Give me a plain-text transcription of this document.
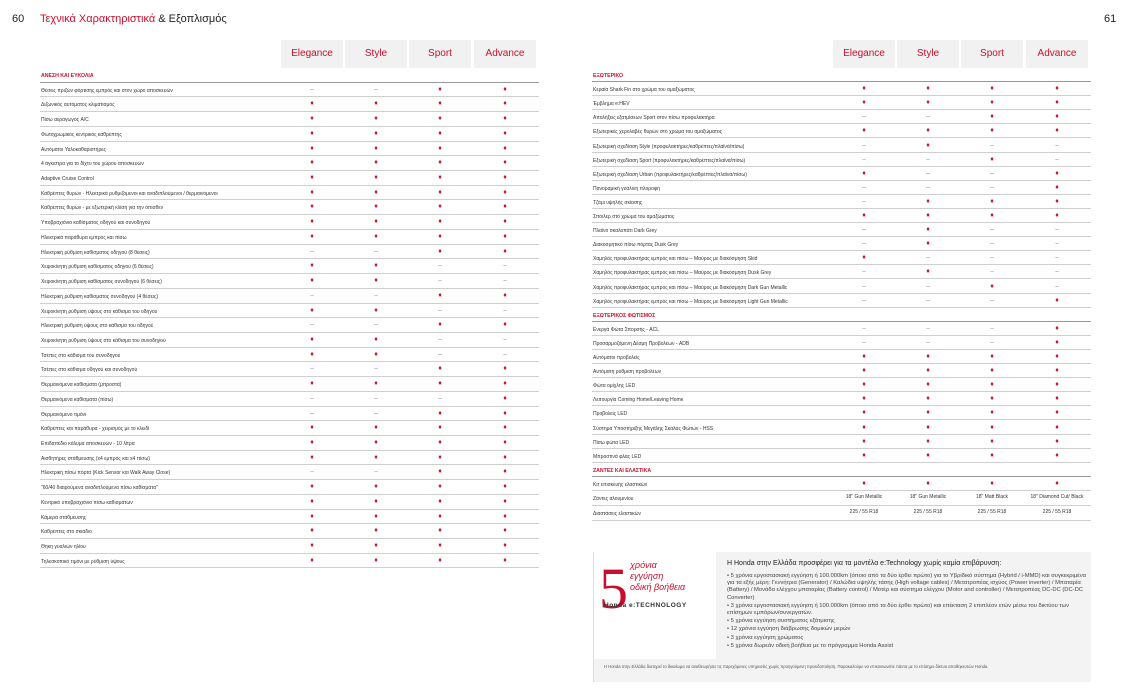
60	61
Τεχνικά Χαρακτηριστικά & Εξοπλισμός
Elegance	Style	Sport	Advance	Elegance	Style	Sport	Advance
ΑΝΕΣΗ ΚΑΙ ΕΥΚΟΛΙΑ
Θέσεις πριζών φόρτισης εμπρός και στον χώρο αποσκευών	–	–	♦	♦
Διζωνικός αυτόματος κλιματισμός	♦	♦	♦	♦
Πίσω αεραγωγός A/C	♦	♦	♦	♦
Φωτοχρωμικός κεντρικός καθρέπτης	♦	♦	♦	♦
Αυτόματοι Υαλοκαθαριστήρες	♦	♦	♦	♦
4 άγκιστρα για το δίχτυ του χώρου αποσκευών	♦	♦	♦	♦
Adaptive Cruise Control	♦	♦	♦	♦
Καθρέπτες θυρών - Ηλεκτρικά ρυθμιζόμενοι και αναδιπλούμενοι / θερμαινόμενοι	♦	♦	♦	♦
Καθρέπτες θυρών - με εξωτερική κλίση για την όπισθεν	♦	♦	♦	♦
Υποβραχιόνιο καθίσματος οδηγού και συνοδηγού	♦	♦	♦	♦
Ηλεκτρικά παράθυρα εμπρός και πίσω	♦	♦	♦	♦
Ηλεκτρική ρύθμιση καθίσματος οδηγού (8 θέσεις)	–	–	♦	♦
Χειροκίνητη ρύθμιση καθίσματος οδηγού (6 θέσεις)	♦	♦	–	–
Χειροκίνητη ρύθμιση καθίσματος συνοδηγού (6 θέσεις)	♦	♦	–	–
Ηλεκτρική ρύθμιση καθίσματος συνοδηγού (4 θέσεις)	–	–	♦	♦
Χειροκίνητη ρύθμιση ύψους στο κάθισμα του οδηγού	♦	♦	–	–
Ηλεκτρική ρύθμιση ύψους στο κάθισμα του οδηγού	–	–	♦	♦
Χειροκίνητη ρύθμιση ύψους στο κάθισμα του συνοδηγού	♦	♦	–	–
Τσέπες στο κάθισμα του συνοδηγού	♦	♦	–	–
Τσέπες στο κάθισμα οδηγού και συνοδηγού	–	–	♦	♦
Θερμαινόμενα καθίσματα (μπροστά)	♦	♦	♦	♦
Θερμαινόμενα καθίσματα (πίσω)	–	–	–	♦
Θερμαινόμενο τιμόνι	–	–	♦	♦
Καθρέπτες και παράθυρα - χειρισμός με το κλειδί	♦	♦	♦	♦
Επιδαπέδιο κάλυμα αποσκευών - 10 λίτρα	♦	♦	♦	♦
Αισθητήρες στάθμευσης (x4 εμπρός και x4 πίσω)	♦	♦	♦	♦
Ηλεκτρική πίσω πόρτα (Kick Sensor και Walk Away Close)	–	–	♦	♦
"60/40 διαιρούμενα αναδιπλούμενα πίσω καθίσματα"	♦	♦	♦	♦
Κεντρικό υποβραχιόνιο πίσω καθισμάτων	♦	♦	♦	♦
Κάμερα στάθμευσης	♦	♦	♦	♦
Καθρέπτες στο σκιάδιο	♦	♦	♦	♦
Θήκη γυαλιών ηλίου	♦	♦	♦	♦
Τηλεσκοπικό τιμόνι με ρύθμιση ύψους	♦	♦	♦	♦
ΕΞΩΤΕΡΙΚΟ
Κεραία Shark Fin στο χρώμα του αμαξώματος	♦	♦	♦	♦
Έμβλημα e:HEV	♦	♦	♦	♦
Απολήξεις εξατμίσεων Sport στον πίσω προφυλακτήρα	–	–	♦	♦
Εξωτερικές χερολαβές θυρών στο χρώμα του αμαξώματος	♦	♦	♦	♦
Εξωτερική σχεδίαση Style (προφυλακτήρες/καθρέπτες/πλαϊνά/πίσω)	–	♦	–	–
Εξωτερική σχεδίαση Sport (προφυλακτήρες/καθρέπτες/πλαϊνά/πίσω)	–	–	♦	–
Εξωτερική σχεδίαση Urban (προφυλακτήρες/καθρέπτες/πλαϊνά/πίσω)	♦	–	–	♦
Πανοραμική γυάλινη πλοροφή	–	–	–	♦
Τζάμι υψηλής σκίασης	–	♦	♦	♦
Σπόιλερ στο χρώμα του αμαξώματος	♦	♦	♦	♦
Πλαϊνό σκαλοπάτι Dark Grey	–	♦	–	–
Διακοσμητικό πίσω πόρτας Dusk Grey	–	♦	–	–
Χαμηλός προφυλακτήρας εμπρός και πίσω – Μαύρος με διακόσμηση Skid	♦	–	–	–
Χαμηλός προφυλακτήρας εμπρός και πίσω – Μαύρος με διακόσμηση Dusk Grey	–	♦	–	–
Χαμηλός προφυλακτήρας εμπρός και πίσω – Μαύρος με διακόσμηση Dark Gun Metallic	–	–	♦	–
Χαμηλός προφυλακτήρας εμπρός και πίσω – Μαύρος με διακόσμηση Light Gun Metallic	–	–	–	♦
ΕΞΩΤΕΡΙΚΟΣ ΦΩΤΙΣΜΟΣ
Ενεργά Φώτα Σπορσής - ACL	–	–	–	♦
Προσαρμοζόμενη Δέσμη Προβολέων - ADB	–	–	–	♦
Αυτόματοι προβολείς	♦	♦	♦	♦
Αυτόματη ρύθμιση προβολέων	♦	♦	♦	♦
Φώτα ομίχλης LED	♦	♦	♦	♦
Λειτουργία Coming Home/Leaving Home	♦	♦	♦	♦
Προβολείς LED	♦	♦	♦	♦
Σύστημα Υποστήριξης Μεγάλης Σκάλας Φώτων - HSS	♦	♦	♦	♦
Πίσω φώτα LED	♦	♦	♦	♦
Μπροστινά φλας LED	♦	♦	♦	♦
ΖΑΝΤΕΣ ΚΑΙ ΕΛΑΣΤΙΚΑ
Κιτ επισκευής ελαστικών	♦	♦	♦	♦
Ζάντες αλουμινίου	18" Gun Metallic	18" Gun Metallic	18" Matt Black	18" Diamond Cut/ Black
Διαστάσεις ελαστικών	225 / 55 R18	225 / 55 R18	225 / 55 R18	225 / 55 R18
5 χρόνια
εγγύηση
οδική βοήθεια
Honda e:TECHNOLOGY
Η Honda στην Ελλάδα προσφέρει για τα μοντέλα e:Technology χωρίς καμία επιβάρυνση:
• 5 χρόνια εργοστασιακή εγγύηση ή 100.000km (όποιο από τα δύο έρθει πρώτο) για το Υβριδικό σύστημα (Hybrid / i-MMD) και συγκεκριμένα για τα εξής μέρη: Γεννήτρια (Generator) / Καλώδια υψηλής τάσης (High voltage cables) / Μετατροπέας ισχύος (Power inverter) / Μπαταρία (Battery) / Μονάδα ελέγχου μπαταρίας (Battery control) / Μοτέρ και σύστημα ελέγχου (Motor and controller) / Μετατροπέας DC-DC (DC-DC Converter)
• 3 χρόνια εργοστασιακή εγγύηση ή 100.000km (όποιο από τα δύο έρθει πρώτο) και επέκταση 2 επιπλέον ετών μέσω του δικτύου των επίσημων εμπόρων/συνεργατών.
• 5 χρόνια εγγύηση συστήματος εξάτμισης
• 12 χρόνια εγγύηση διάβρωσης δομικών μερών
• 3 χρόνια εγγύηση χρώματος
• 5 χρόνια δωρεάν οδική βοήθεια με το πρόγραμμα Honda Assist
Η Honda στην Ελλάδα διατηρεί το δικαίωμα να αναθεωρήσει τις παρεχόμενες υπηρεσίες χωρίς προηγούμενη προειδοποίηση. Παρακαλούμε να επικοινωνείτε πάντα με το επίσημο δίκτυο αποθηκευτών Honda.
